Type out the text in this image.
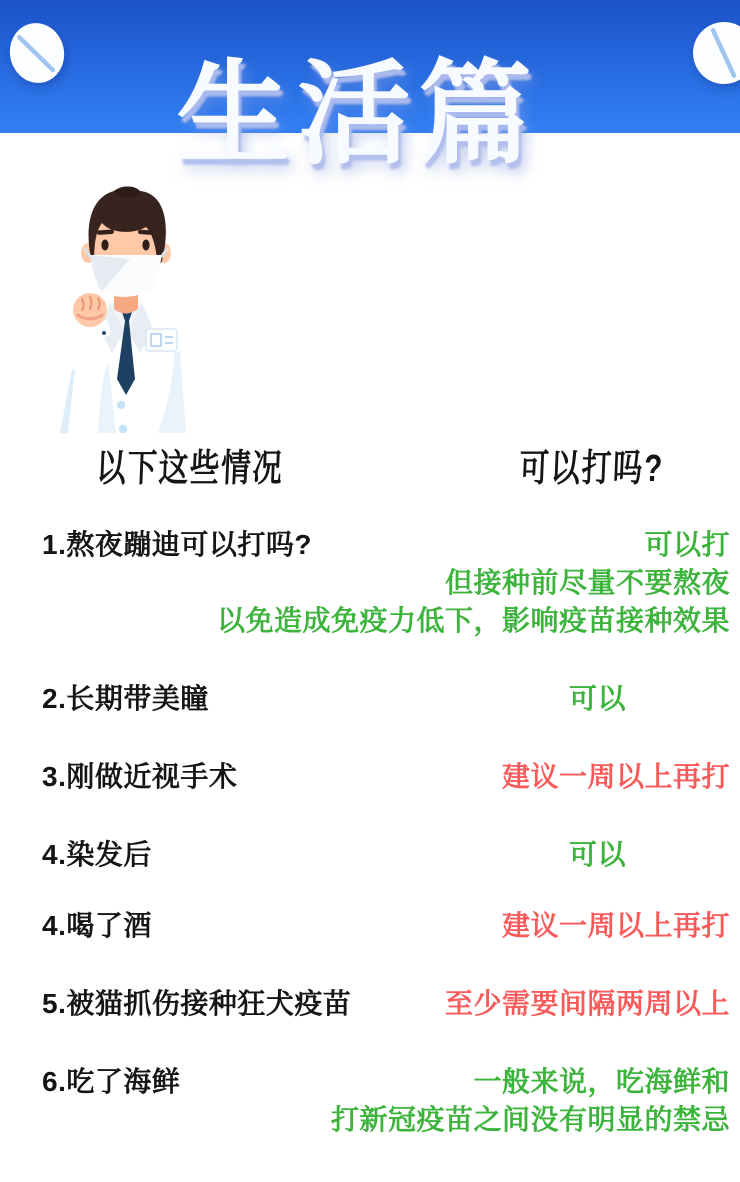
生活篇
以下这些情况	可以打吗?
1.熬夜蹦迪可以打吗?	可以打
但接种前尽量不要熬夜
以免造成免疫力低下，影响疫苗接种效果
2.长期带美瞳	可以
3.刚做近视手术	建议一周以上再打
4.染发后	可以
4.喝了酒	建议一周以上再打
5.被猫抓伤接种狂犬疫苗	至少需要间隔两周以上
6.吃了海鲜	一般来说，吃海鲜和
打新冠疫苗之间没有明显的禁忌
